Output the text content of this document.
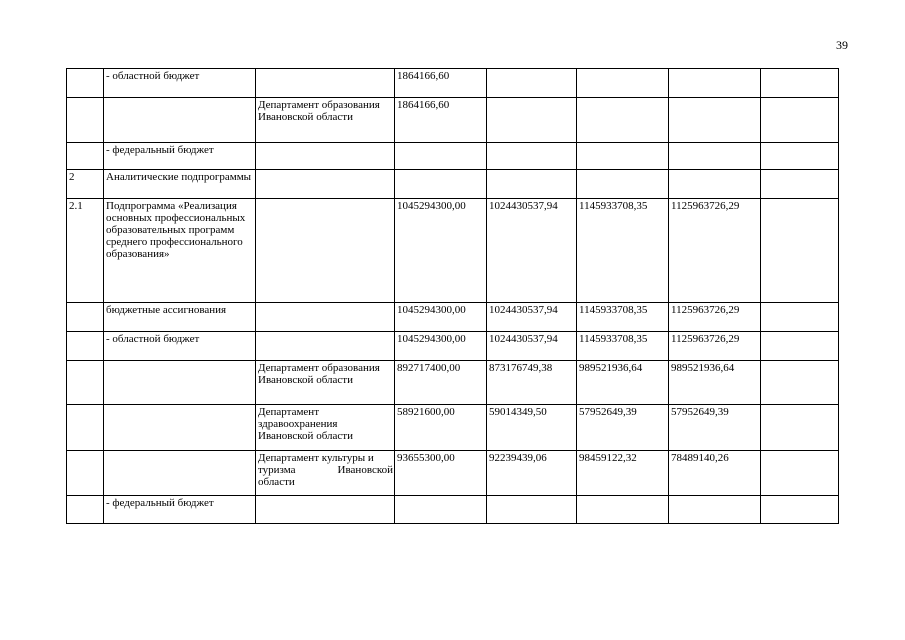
39
	- областной бюджет		1864166,60				
		Департамент образования Ивановской области	1864166,60				
	- федеральный бюджет						
2	Аналитические подпрограммы						
2.1	Подпрограмма «Реализация основных профессиональных образовательных программ среднего профессионального образования»		1045294300,00	1024430537,94	1145933708,35	1125963726,29	
	бюджетные ассигнования		1045294300,00	1024430537,94	1145933708,35	1125963726,29	
	- областной бюджет		1045294300,00	1024430537,94	1145933708,35	1125963726,29	
		Департамент образования Ивановской области	892717400,00	873176749,38	989521936,64	989521936,64	
		Департамент здравоохранения Ивановской области	58921600,00	59014349,50	57952649,39	57952649,39	

		Департамент культуры и
туризма Ивановской
области	93655300,00	92239439,06	98459122,32	78489140,26	
	- федеральный бюджет						
